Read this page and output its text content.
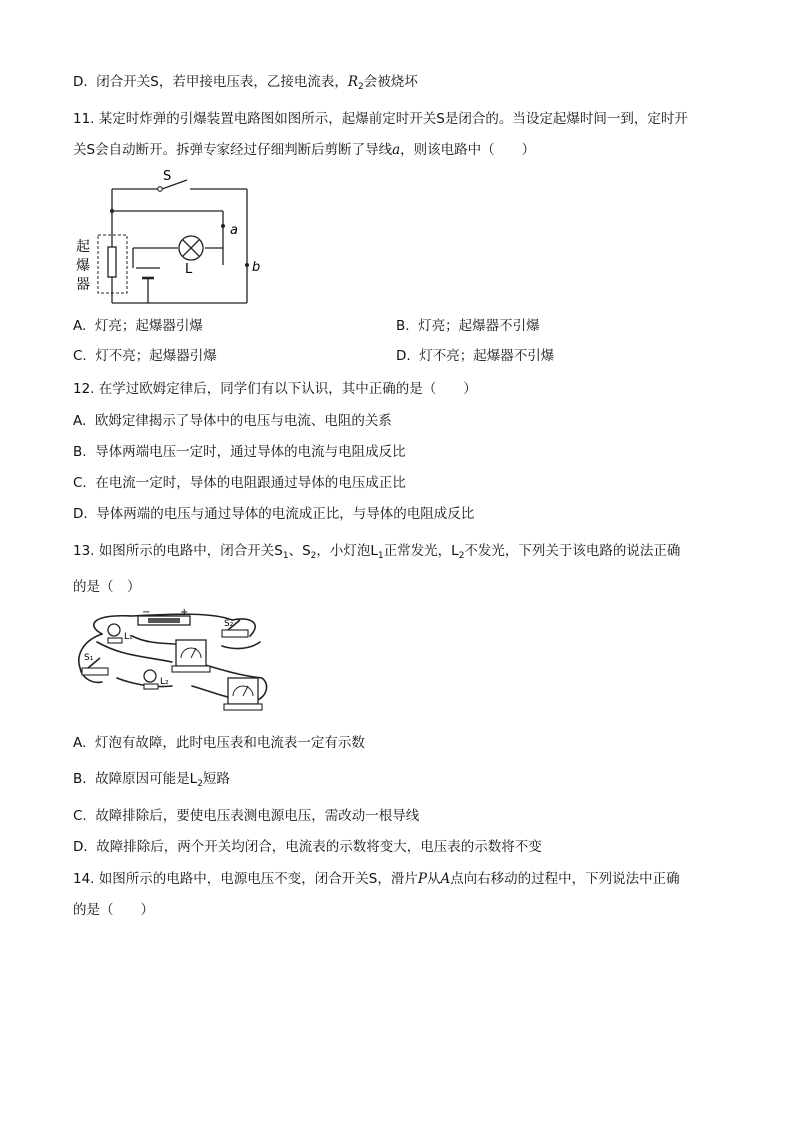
D. 闭合开关S，若甲接电压表，乙接电流表，$R_2$会被烧坏
11. 某定时炸弹的引爆装置电路图如图所示，起爆前定时开关S是闭合的。当设定起爆时间一到，定时开
关S会自动断开。拆弹专家经过仔细判断后剪断了导线a，则该电路中（　　）
S
a
b
L
起
爆
器
A. 灯亮；起爆器引爆	B. 灯亮；起爆器不引爆
C. 灯不亮；起爆器引爆	D. 灯不亮；起爆器不引爆
12. 在学过欧姆定律后，同学们有以下认识，其中正确的是（　　）
A. 欧姆定律揭示了导体中的电压与电流、电阻的关系
B. 导体两端电压一定时，通过导体的电流与电阻成反比
C. 在电流一定时，导体的电阻跟通过导体的电压成正比
D. 导体两端的电压与通过导体的电流成正比，与导体的电阻成反比
13. 如图所示的电路中，闭合开关$S_1$、$S_2$，小灯泡$L_1$正常发光，$L_2$不发光，下列关于该电路的说法正确
的是（　）
−	+
L₁
L₂
S₂
S₁
A. 灯泡有故障，此时电压表和电流表一定有示数
B. 故障原因可能是$L_2$短路
C. 故障排除后，要使电压表测电源电压，需改动一根导线
D. 故障排除后，两个开关均闭合，电流表的示数将变大，电压表的示数将不变
14. 如图所示的电路中，电源电压不变，闭合开关S，滑片P从A点向右移动的过程中，下列说法中正确
的是（　　）
